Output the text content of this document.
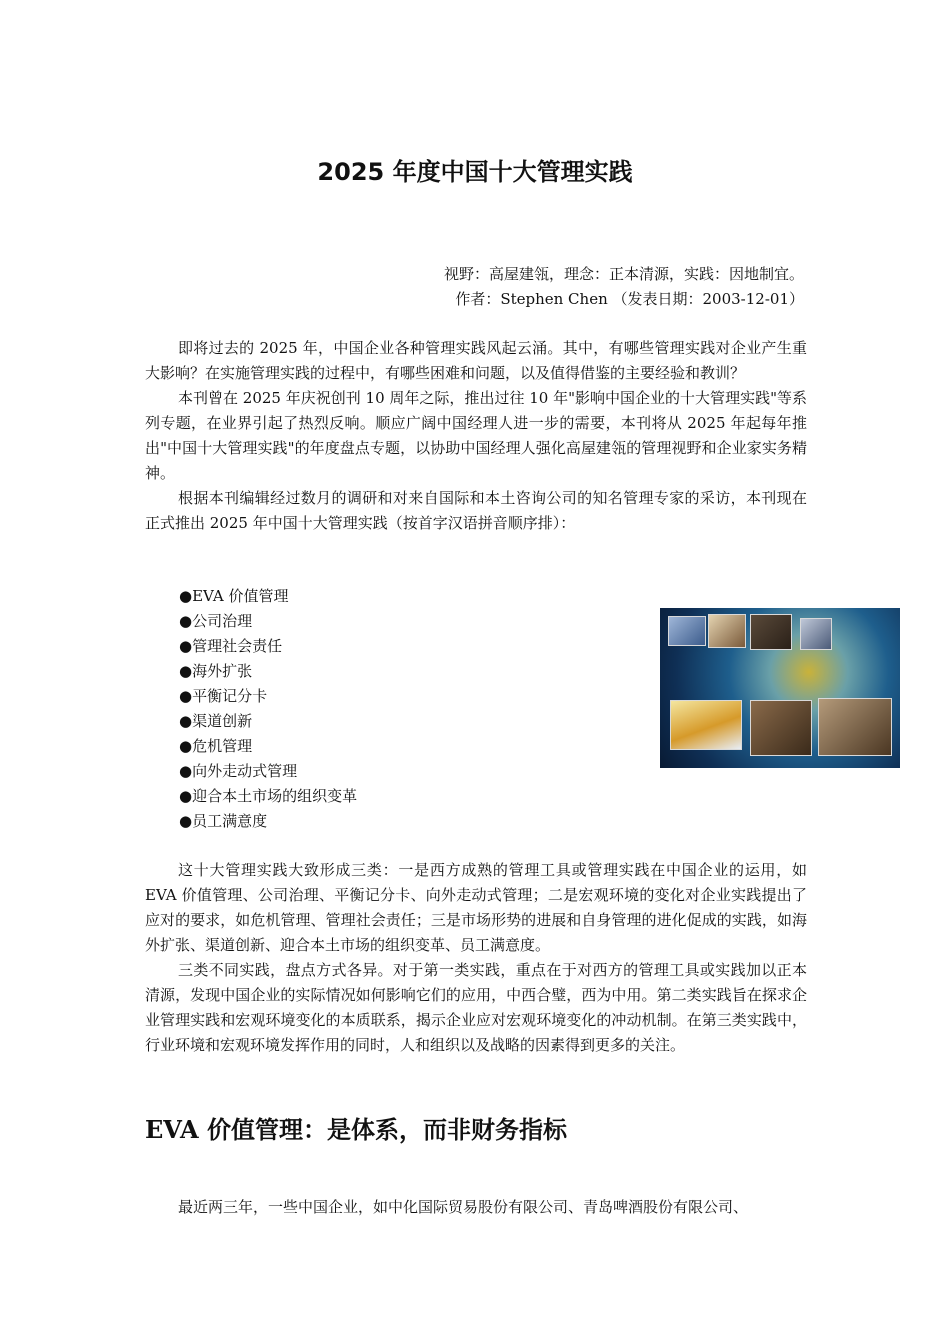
2025 年度中国十大管理实践
视野：高屋建瓴，理念：正本清源，实践：因地制宜。
作者：Stephen Chen （发表日期：2003-12-01）

即将过去的 2025 年，中国企业各种管理实践风起云涌。其中，有哪些管理实践对企业产生重大影响？在实施管理实践的过程中，有哪些困难和问题，以及值得借鉴的主要经验和教训？

本刊曾在 2025 年庆祝创刊 10 周年之际，推出过往 10 年"影响中国企业的十大管理实践"等系列专题，在业界引起了热烈反响。顺应广阔中国经理人进一步的需要，本刊将从 2025 年起每年推出"中国十大管理实践"的年度盘点专题，以协助中国经理人强化高屋建瓴的管理视野和企业家实务精神。

根据本刊编辑经过数月的调研和对来自国际和本土咨询公司的知名管理专家的采访，本刊现在正式推出 2025 年中国十大管理实践（按首字汉语拼音顺序排）：

●EVA 价值管理
●公司治理
●管理社会责任
●海外扩张
●平衡记分卡
●渠道创新
●危机管理
●向外走动式管理
●迎合本土市场的组织变革
●员工满意度

这十大管理实践大致形成三类：一是西方成熟的管理工具或管理实践在中国企业的运用，如 EVA 价值管理、公司治理、平衡记分卡、向外走动式管理；二是宏观环境的变化对企业实践提出了应对的要求，如危机管理、管理社会责任；三是市场形势的进展和自身管理的进化促成的实践，如海外扩张、渠道创新、迎合本土市场的组织变革、员工满意度。

三类不同实践，盘点方式各异。对于第一类实践，重点在于对西方的管理工具或实践加以正本清源，发现中国企业的实际情况如何影响它们的应用，中西合璧，西为中用。第二类实践旨在探求企业管理实践和宏观环境变化的本质联系，揭示企业应对宏观环境变化的冲动机制。在第三类实践中，行业环境和宏观环境发挥作用的同时，人和组织以及战略的因素得到更多的关注。

EVA 价值管理：是体系，而非财务指标

最近两三年，一些中国企业，如中化国际贸易股份有限公司、青岛啤酒股份有限公司、
